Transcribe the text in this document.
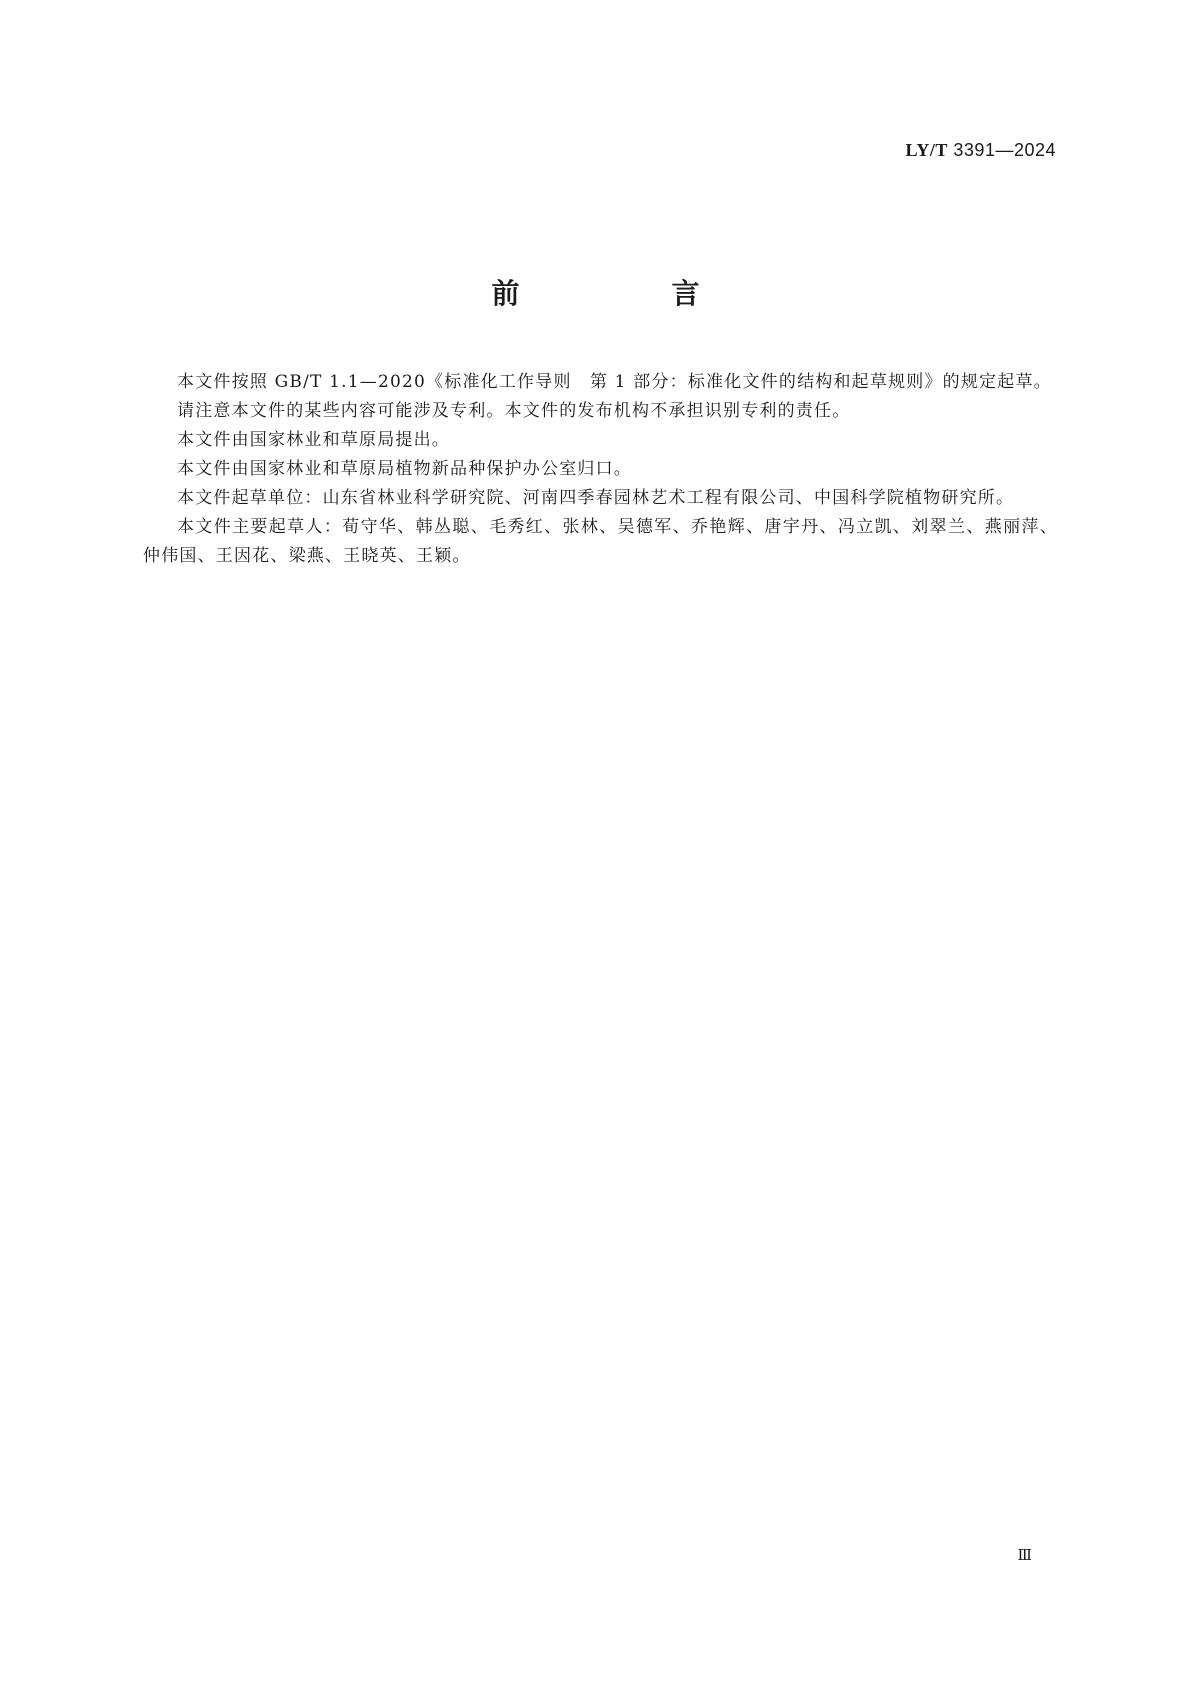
LY/T 3391—2024
前　言

本文件按照 GB/T 1.1—2020《标准化工作导则　第 1 部分：标准化文件的结构和起草规则》的规定起草。

请注意本文件的某些内容可能涉及专利。本文件的发布机构不承担识别专利的责任。

本文件由国家林业和草原局提出。

本文件由国家林业和草原局植物新品种保护办公室归口。

本文件起草单位：山东省林业科学研究院、河南四季春园林艺术工程有限公司、中国科学院植物研究所。

本文件主要起草人：荀守华、韩丛聪、毛秀红、张林、吴德军、乔艳辉、唐宇丹、冯立凯、刘翠兰、燕丽萍、仲伟国、王因花、梁燕、王晓英、王颖。

Ⅲ
